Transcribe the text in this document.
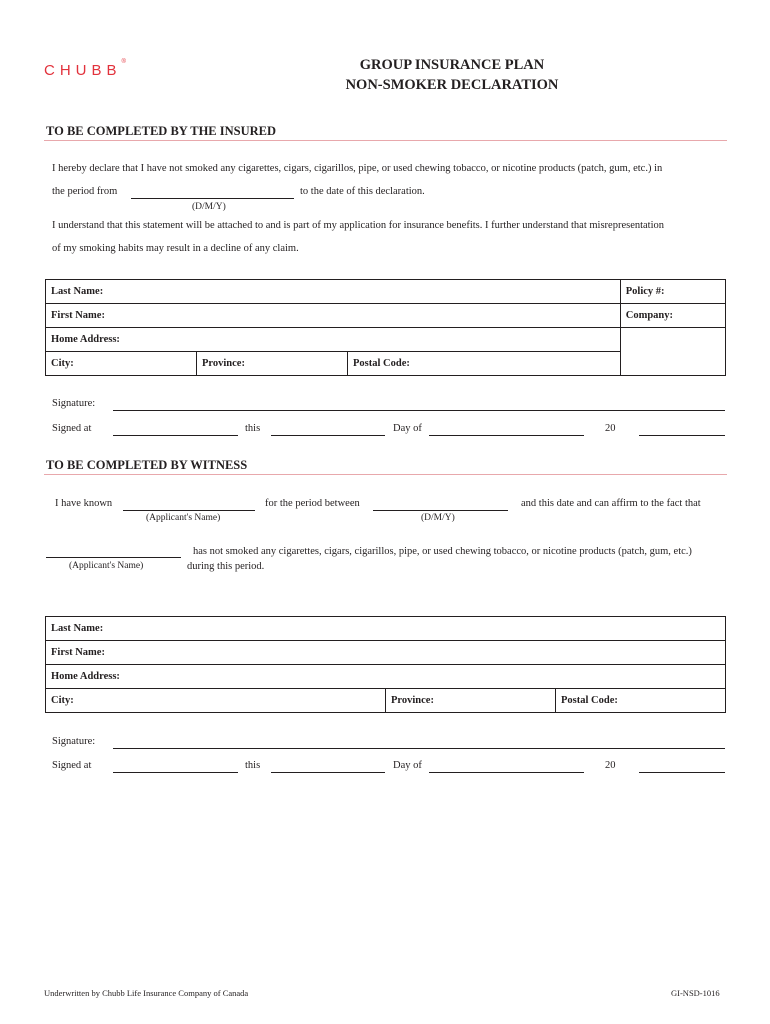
CHUBB®	GROUP INSURANCE PLAN
NON-SMOKER DECLARATION
TO BE COMPLETED BY THE INSURED
I hereby declare that I have not smoked any cigarettes, cigars, cigarillos, pipe, or used chewing tobacco, or nicotine products (patch, gum, etc.) in
the period from	to the date of this declaration.
(D/M/Y)
I understand that this statement will be attached to and is part of my application for insurance benefits. I further understand that misrepresentation
of my smoking habits may result in a decline of any claim.
Last Name:			Policy #:
First Name:			Company:
Home Address:			
City:	Province:	Postal Code:	
Signature:
Signed at	this	Day of	20
TO BE COMPLETED BY WITNESS
I have known
(Applicant's Name)
for the period between
(D/M/Y)
and this date and can affirm to the fact that
(Applicant's Name)
has not smoked any cigarettes, cigars, cigarillos, pipe, or used chewing tobacco, or nicotine products (patch, gum, etc.)
during this period.
Last Name:
First Name:
Home Address:
City:	Province:	Postal Code:
Signature:
Signed at	this	Day of	20
Underwritten by Chubb Life Insurance Company of Canada	GI-NSD-1016
